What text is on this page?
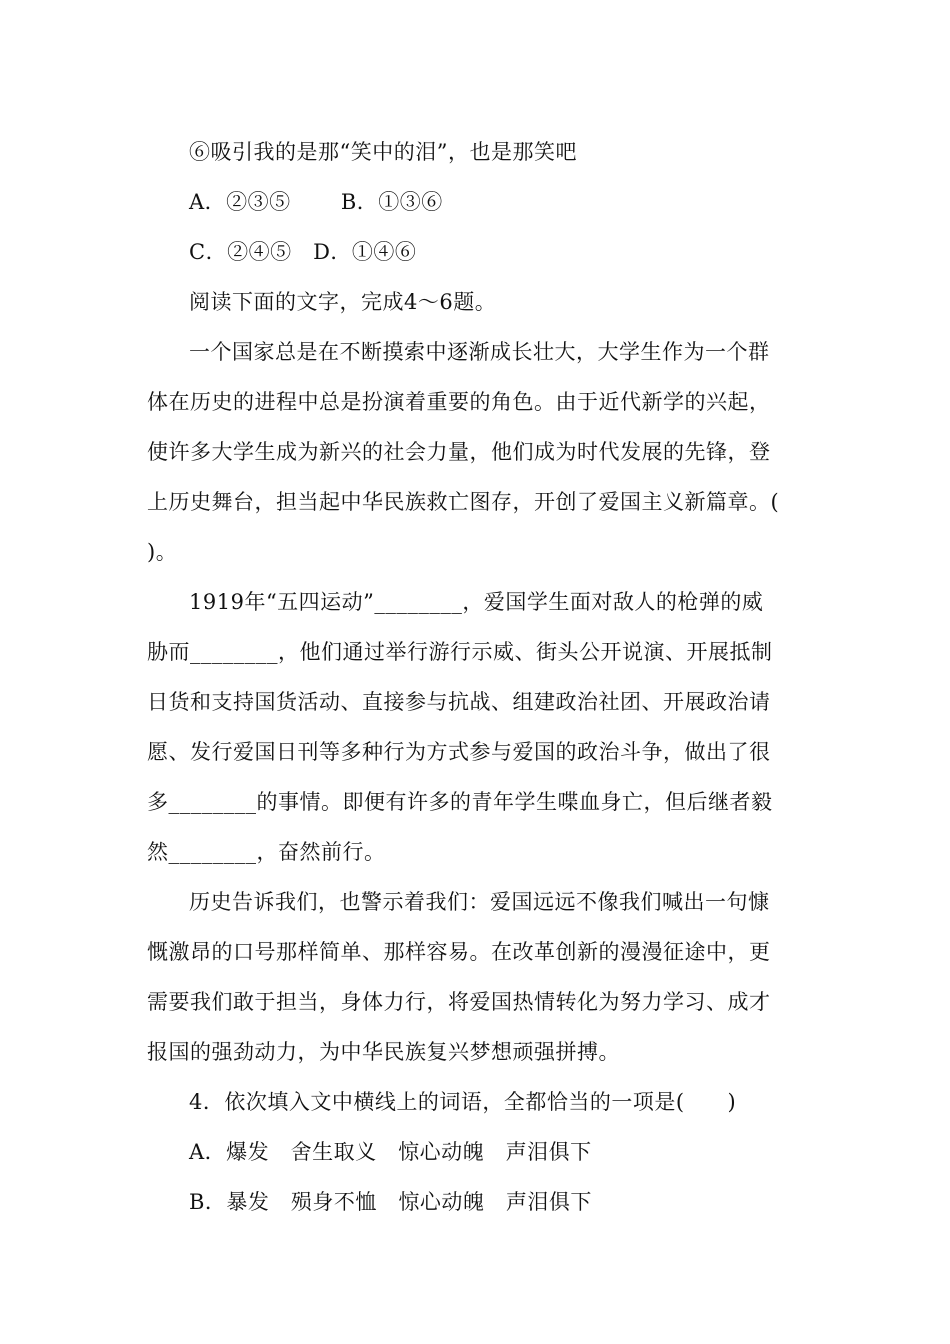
⑥吸引我的是那“笑中的泪”，也是那笑吧
A．②③⑤　　 B．①③⑥
C．②④⑤　D．①④⑥
阅读下面的文字，完成4～6题。
一个国家总是在不断摸索中逐渐成长壮大，大学生作为一个群
体在历史的进程中总是扮演着重要的角色。由于近代新学的兴起，
使许多大学生成为新兴的社会力量，他们成为时代发展的先锋，登
上历史舞台，担当起中华民族救亡图存，开创了爱国主义新篇章。(
)。
1919年“五四运动”________，爱国学生面对敌人的枪弹的威
胁而________，他们通过举行游行示威、街头公开说演、开展抵制
日货和支持国货活动、直接参与抗战、组建政治社团、开展政治请
愿、发行爱国日刊等多种行为方式参与爱国的政治斗争，做出了很
多________的事情。即便有许多的青年学生喋血身亡，但后继者毅
然________，奋然前行。
历史告诉我们，也警示着我们：爱国远远不像我们喊出一句慷
慨激昂的口号那样简单、那样容易。在改革创新的漫漫征途中，更
需要我们敢于担当，身体力行，将爱国热情转化为努力学习、成才
报国的强劲动力，为中华民族复兴梦想顽强拼搏。
4．依次填入文中横线上的词语，全都恰当的一项是(　　)
A．爆发　舍生取义　惊心动魄　声泪俱下
B．暴发　殒身不恤　惊心动魄　声泪俱下
